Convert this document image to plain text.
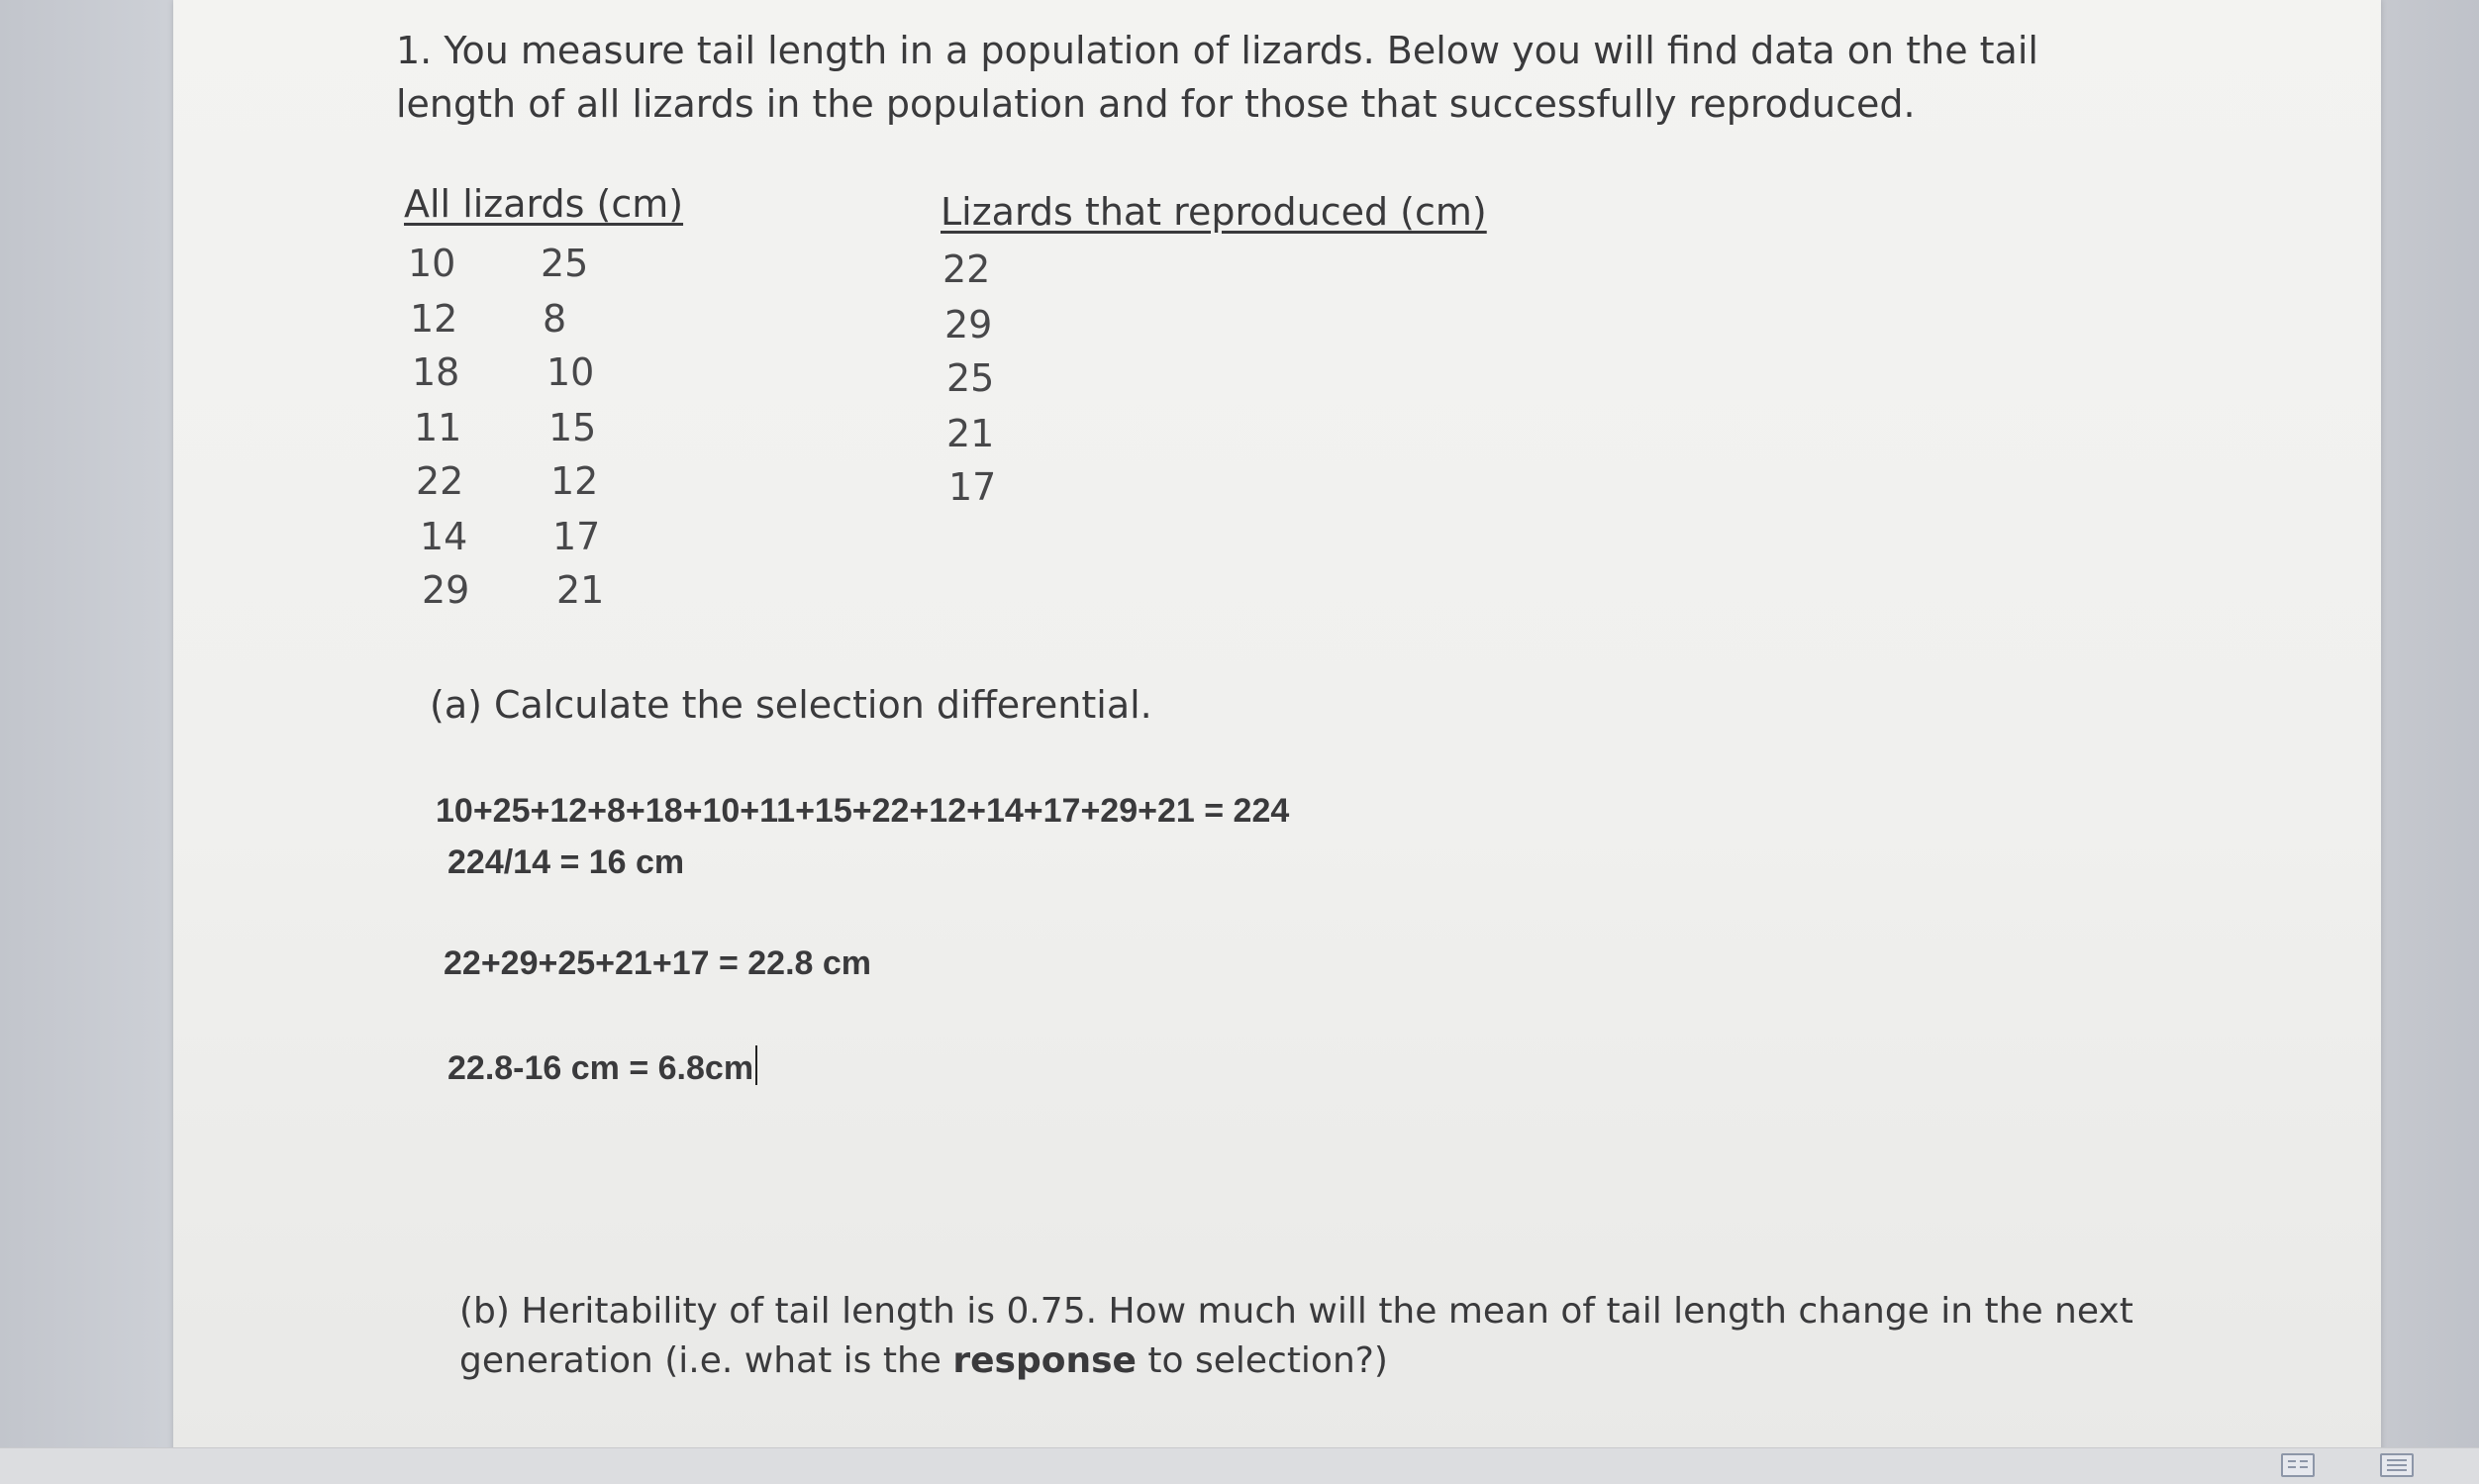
1. You measure tail length in a population of lizards. Below you will find data on the tail length of all lizards in the population and for those that successfully reproduced.
All lizards (cm)	Lizards that reproduced (cm)
10
12
18
11
22
14
29
25
8
10
15
12
17
21
22
29
25
21
17
(a) Calculate the selection differential.
10+25+12+8+18+10+11+15+22+12+14+17+29+21 = 224
224/14 = 16 cm
22+29+25+21+17 = 22.8 cm
22.8-16 cm = 6.8cm
(b) Heritability of tail length is 0.75. How much will the mean of tail length change in the next generation (i.e. what is the response to selection?)
